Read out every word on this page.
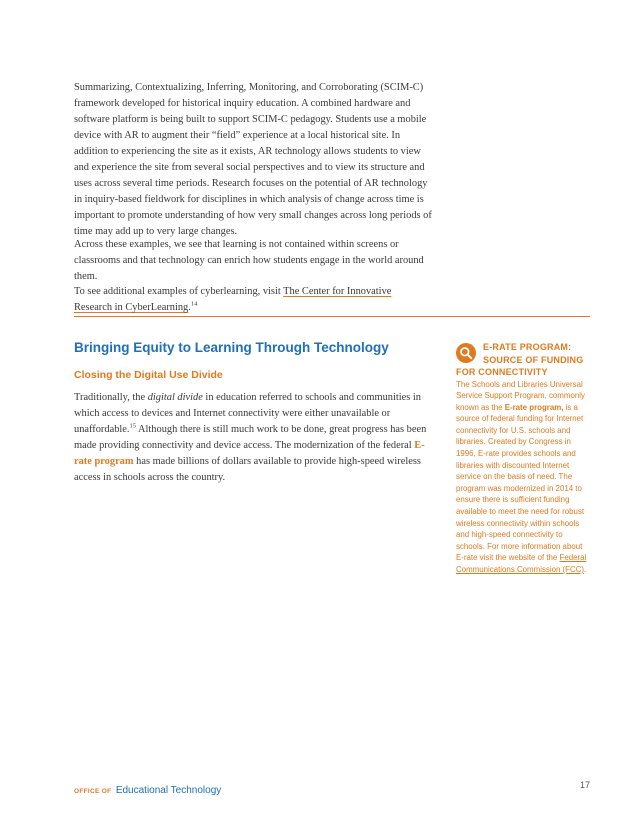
Summarizing, Contextualizing, Inferring, Monitoring, and Corroborating (SCIM-C) framework developed for historical inquiry education. A combined hardware and software platform is being built to support SCIM-C pedagogy. Students use a mobile device with AR to augment their “field” experience at a local historical site. In addition to experiencing the site as it exists, AR technology allows students to view and experience the site from several social perspectives and to view its structure and uses across several time periods. Research focuses on the potential of AR technology in inquiry-based fieldwork for disciplines in which analysis of change across time is important to promote understanding of how very small changes across long periods of time may add up to very large changes.

Across these examples, we see that learning is not contained within screens or classrooms and that technology can enrich how students engage in the world around them.

To see additional examples of cyberlearning, visit The Center for Innovative Research in CyberLearning.$^{14}$

Bringing Equity to Learning Through Technology
Closing the Digital Use Divide

Traditionally, the digital divide in education referred to schools and communities in which access to devices and Internet connectivity were either unavailable or unaffordable.$^{15}$ Although there is still much work to be done, great progress has been made providing connectivity and device access. The modernization of the federal E-rate program has made billions of dollars available to provide high-speed wireless access in schools across the country.

E-RATE PROGRAM:
SOURCE OF FUNDING
FOR CONNECTIVITY

The Schools and Libraries Universal Service Support Program, commonly known as the E-rate program, is a source of federal funding for Internet connectivity for U.S. schools and libraries. Created by Congress in 1996, E-rate provides schools and libraries with discounted Internet service on the basis of need. The program was modernized in 2014 to ensure there is sufficient funding available to meet the need for robust wireless connectivity within schools and high-speed connectivity to schools. For more information about E-rate visit the website of the Federal Communications Commission (FCC).

OFFICE OF Educational Technology	17
